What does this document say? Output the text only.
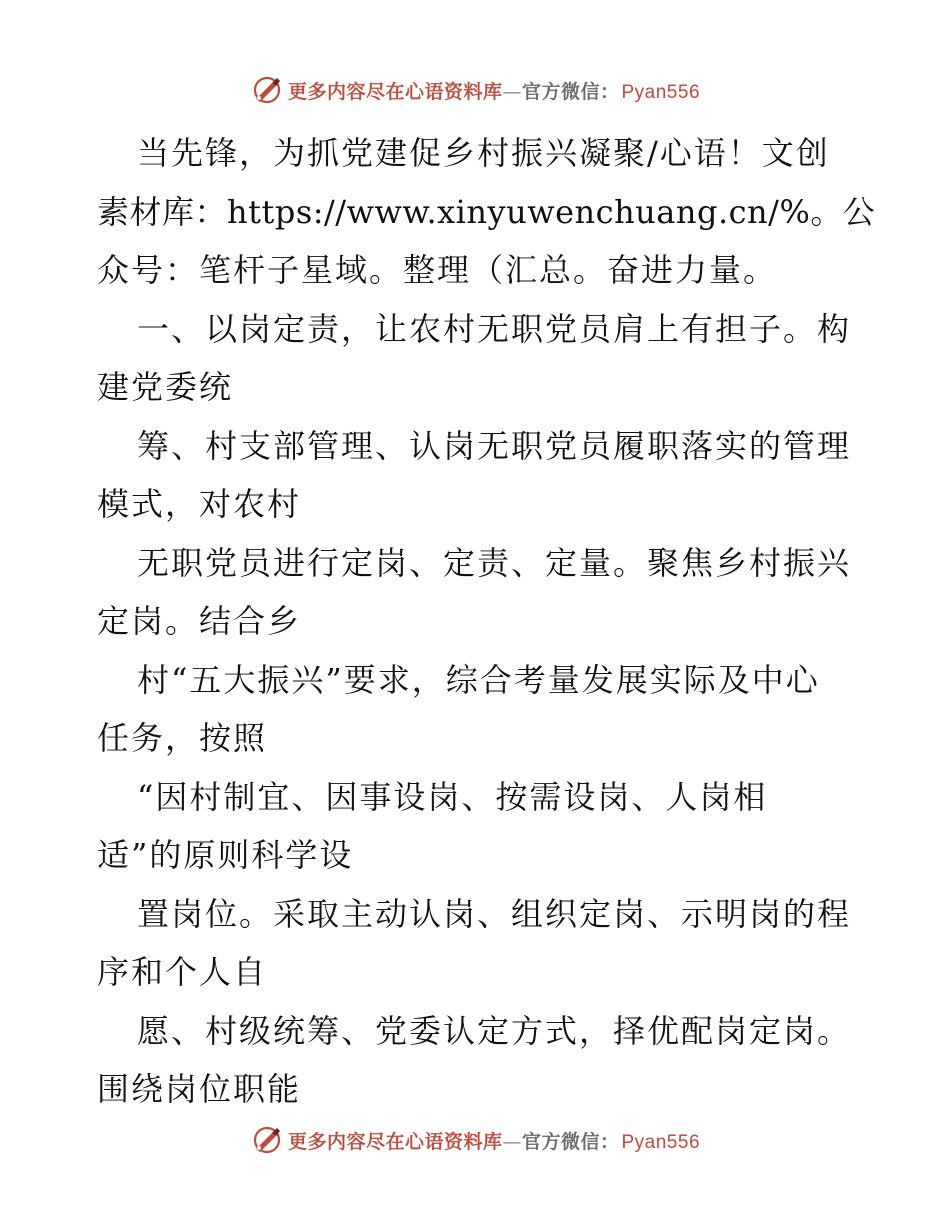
更多内容尽在心语资料库—官方微信： Pyan556
当先锋，为抓党建促乡村振兴凝聚/心语！文创
素材库：https://www.xinyuwenchuang.cn/%。公
众号：笔杆子星域。整理（汇总。奋进力量。
一、以岗定责，让农村无职党员肩上有担子。构
建党委统
筹、村支部管理、认岗无职党员履职落实的管理
模式，对农村
无职党员进行定岗、定责、定量。聚焦乡村振兴
定岗。结合乡
村“五大振兴”要求，综合考量发展实际及中心
任务，按照
“因村制宜、因事设岗、按需设岗、人岗相
适”的原则科学设
置岗位。采取主动认岗、组织定岗、示明岗的程
序和个人自
愿、村级统筹、党委认定方式，择优配岗定岗。
围绕岗位职能
更多内容尽在心语资料库—官方微信： Pyan556
